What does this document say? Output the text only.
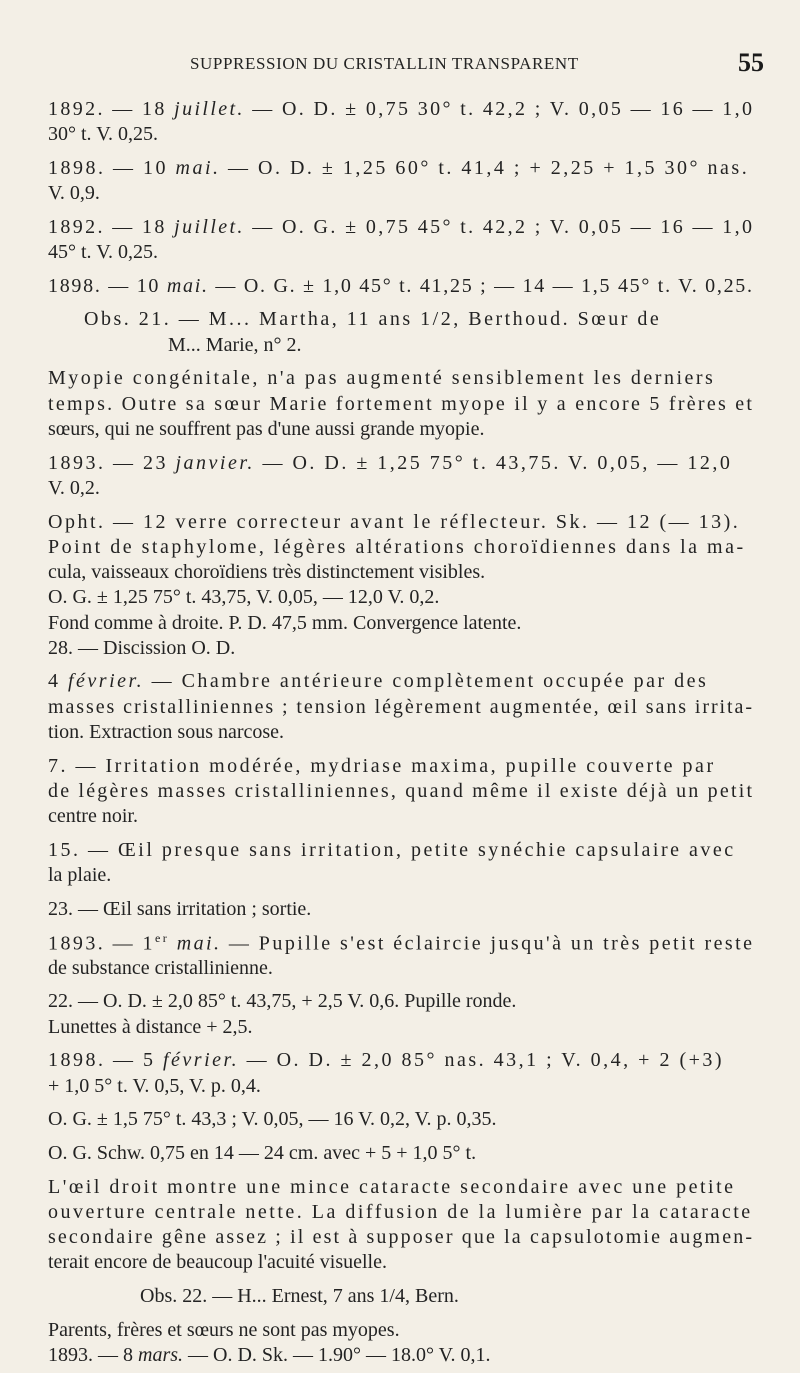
SUPPRESSION DU CRISTALLIN TRANSPARENT	55
1892. — 18 juillet. — O. D. ± 0,75 30° t. 42,2 ; V. 0,05 — 16 — 1,0
30° t. V. 0,25.
1898. — 10 mai. — O. D. ± 1,25 60° t. 41,4 ; + 2,25 + 1,5 30° nas.
V. 0,9.
1892. — 18 juillet. — O. G. ± 0,75 45° t. 42,2 ; V. 0,05 — 16 — 1,0
45° t. V. 0,25.
1898. — 10 mai. — O. G. ± 1,0 45° t. 41,25 ; — 14 — 1,5 45° t. V. 0,25.
Obs. 21. — M... Martha, 11 ans 1/2, Berthoud. Sœur de
M... Marie, n° 2.
Myopie congénitale, n'a pas augmenté sensiblement les derniers
temps. Outre sa sœur Marie fortement myope il y a encore 5 frères et
sœurs, qui ne souffrent pas d'une aussi grande myopie.
1893. — 23 janvier. — O. D. ± 1,25 75° t. 43,75. V. 0,05, — 12,0
V. 0,2.
Opht. — 12 verre correcteur avant le réflecteur. Sk. — 12 (— 13).
Point de staphylome, légères altérations choroïdiennes dans la ma-
cula, vaisseaux choroïdiens très distinctement visibles.
O. G. ± 1,25 75° t. 43,75, V. 0,05, — 12,0 V. 0,2.
Fond comme à droite. P. D. 47,5 mm. Convergence latente.
28. — Discission O. D.
4 février. — Chambre antérieure complètement occupée par des
masses cristalliniennes ; tension légèrement augmentée, œil sans irrita-
tion. Extraction sous narcose.
7. — Irritation modérée, mydriase maxima, pupille couverte par
de légères masses cristalliniennes, quand même il existe déjà un petit
centre noir.
15. — Œil presque sans irritation, petite synéchie capsulaire avec
la plaie.
23. — Œil sans irritation ; sortie.
1893. — 1er mai. — Pupille s'est éclaircie jusqu'à un très petit reste
de substance cristallinienne.
22. — O. D. ± 2,0 85° t. 43,75, + 2,5 V. 0,6. Pupille ronde.
Lunettes à distance + 2,5.
1898. — 5 février. — O. D. ± 2,0 85° nas. 43,1 ; V. 0,4, + 2 (+3)
+ 1,0 5° t. V. 0,5, V. p. 0,4.
O. G. ± 1,5 75° t. 43,3 ; V. 0,05, — 16 V. 0,2, V. p. 0,35.
O. G. Schw. 0,75 en 14 — 24 cm. avec + 5 + 1,0 5° t.
L'œil droit montre une mince cataracte secondaire avec une petite
ouverture centrale nette. La diffusion de la lumière par la cataracte
secondaire gêne assez ; il est à supposer que la capsulotomie augmen-
terait encore de beaucoup l'acuité visuelle.
Obs. 22. — H... Ernest, 7 ans 1/4, Bern.
Parents, frères et sœurs ne sont pas myopes.
1893. — 8 mars. — O. D. Sk. — 1.90° — 18.0° V. 0,1.
